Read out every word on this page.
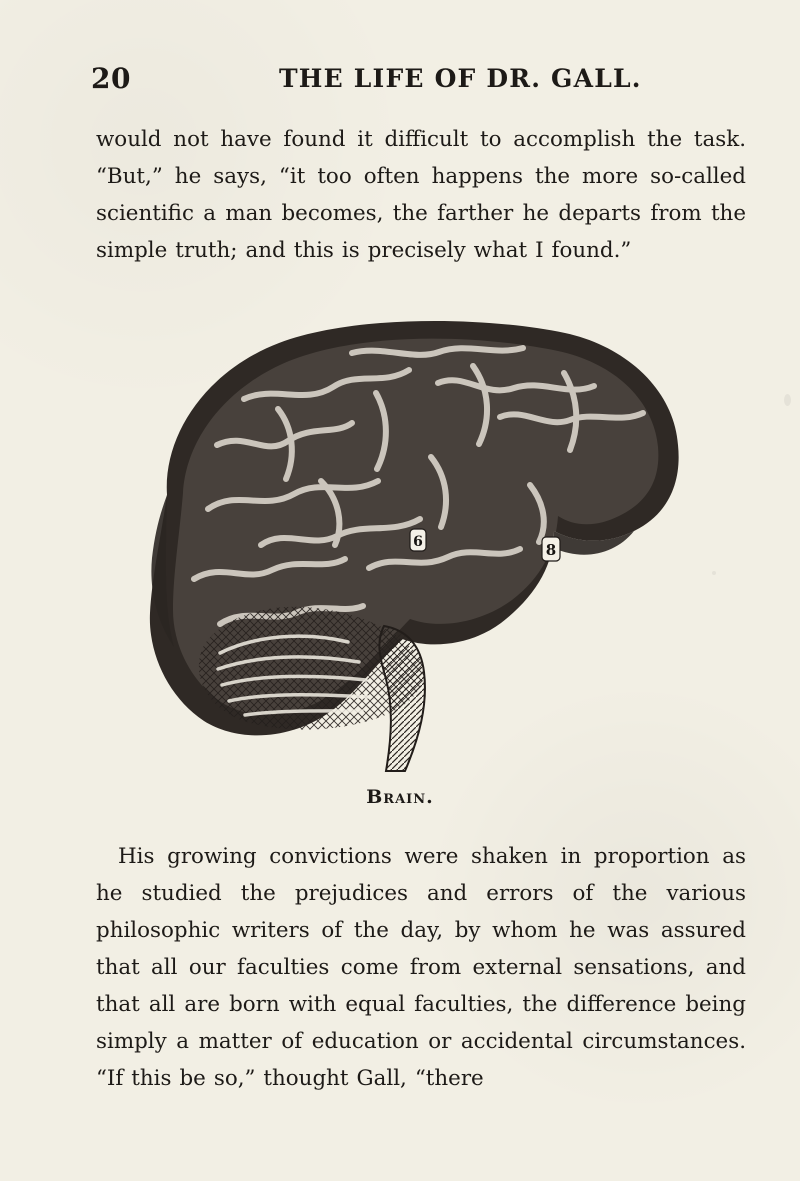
20	THE LIFE OF DR. GALL.

would not have found it difficult to accomplish the task. “But,” he says, “it too often happens the more so-called scientific a man becomes, the farther he departs from the simple truth; and this is precisely what I found.”

6	8
Brain.

His growing convictions were shaken in proportion as he studied the prejudices and errors of the various philosophic writers of the day, by whom he was assured that all our faculties come from external sensations, and that all are born with equal faculties, the difference being simply a matter of education or accidental circumstances. “If this be so,” thought Gall, “there
